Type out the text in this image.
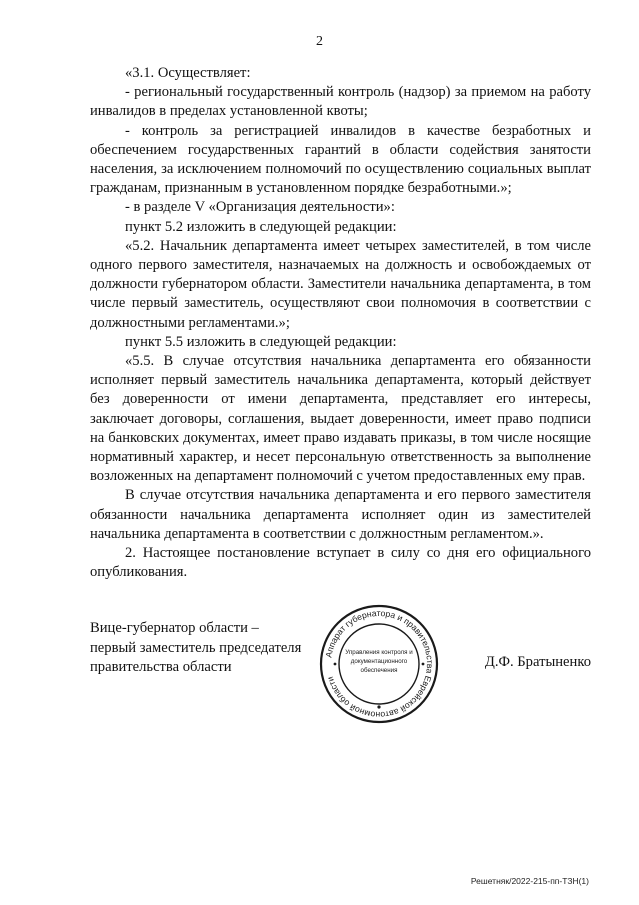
2

«3.1. Осуществляет:

- региональный государственный контроль (надзор) за приемом на работу инвалидов в пределах установленной квоты;

- контроль за регистрацией инвалидов в качестве безработных и обеспечением государственных гарантий в области содействия занятости населения, за исключением полномочий по осуществлению социальных выплат гражданам, признанным в установленном порядке безработными.»;

- в разделе V «Организация деятельности»:

пункт 5.2 изложить в следующей редакции:

«5.2. Начальник департамента имеет четырех заместителей, в том числе одного первого заместителя, назначаемых на должность и освобождаемых от должности губернатором области. Заместители начальника департамента, в том числе первый заместитель, осуществляют свои полномочия в соответствии с должностными регламентами.»;

пункт 5.5 изложить в следующей редакции:

«5.5. В случае отсутствия начальника департамента его обязанности исполняет первый заместитель начальника департамента, который действует без доверенности от имени департамента, представляет его интересы, заключает договоры, соглашения, выдает доверенности, имеет право подписи на банковских документах, имеет право издавать приказы, в том числе носящие нормативный характер, и несет персональную ответственность за выполнение возложенных на департамент полномочий с учетом предоставленных ему прав.

В случае отсутствия начальника департамента и его первого заместителя обязанности начальника департамента исполняет один из заместителей начальника департамента в соответствии с должностным регламентом.».

2. Настоящее постановление вступает в силу со дня его официального опубликования.

Вице-губернатор области –
первый заместитель председателя
правительства области
Аппарат губернатора и правительства Еврейской автономной области
Управления контроля и
документационного
обеспечения
Д.Ф. Братыненко
Решетняк/2022-215-пп-ТЗН(1)
